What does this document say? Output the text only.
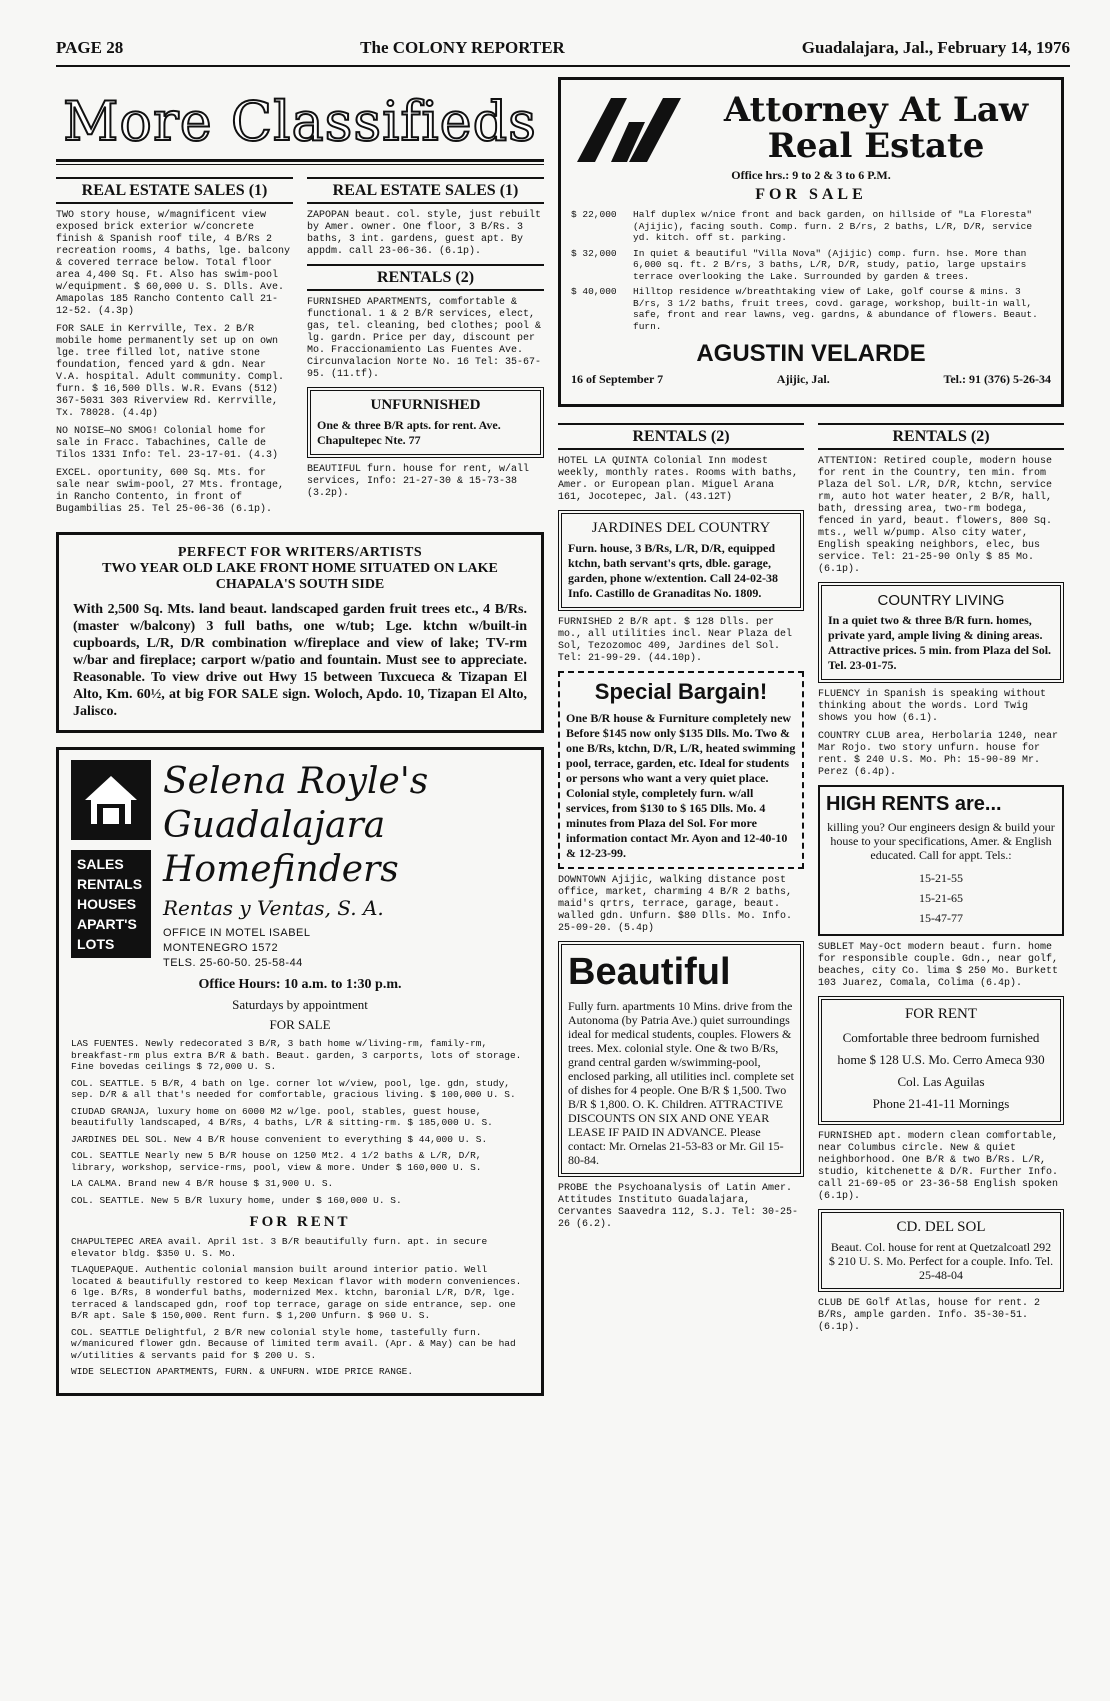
PAGE 28	The COLONY REPORTER	Guadalajara, Jal., February 14, 1976
More Classifieds
REAL ESTATE SALES (1)

TWO story house, w/magnificent view exposed brick exterior w/concrete finish & Spanish roof tile, 4 B/Rs 2 recreation rooms, 4 baths, lge. balcony & covered terrace below. Total floor area 4,400 Sq. Ft. Also has swim-pool w/equipment. $ 60,000 U. S. Dlls. Ave. Amapolas 185 Rancho Contento Call 21-12-52. (4.3p)

FOR SALE in Kerrville, Tex. 2 B/R mobile home permanently set up on own lge. tree filled lot, native stone foundation, fenced yard & gdn. Near V.A. hospital. Adult community. Compl. furn. $ 16,500 Dlls. W.R. Evans (512) 367-5031 303 Riverview Rd. Kerrville, Tx. 78028. (4.4p)

NO NOISE—NO SMOG! Colonial home for sale in Fracc. Tabachines, Calle de Tilos 1331 Info: Tel. 23-17-01. (4.3)

EXCEL. oportunity, 600 Sq. Mts. for sale near swim-pool, 27 Mts. frontage, in Rancho Contento, in front of Bugambilias 25. Tel 25-06-36 (6.1p).

REAL ESTATE SALES (1)

ZAPOPAN beaut. col. style, just rebuilt by Amer. owner. One floor, 3 B/Rs. 3 baths, 3 int. gardens, guest apt. By appdm. call 23-06-36. (6.1p).

RENTALS (2)

FURNISHED APARTMENTS, comfortable & functional. 1 & 2 B/R services, elect, gas, tel. cleaning, bed clothes; pool & lg. gardn. Price per day, discount per Mo. Fraccionamiento Las Fuentes Ave. Circunvalacion Norte No. 16 Tel: 35-67-95. (11.tf).

UNFURNISHED
One & three B/R apts. for rent. Ave. Chapultepec Nte. 77

BEAUTIFUL furn. house for rent, w/all services, Info: 21-27-30 & 15-73-38 (3.2p).

PERFECT FOR WRITERS/ARTISTS
TWO YEAR OLD LAKE FRONT HOME SITUATED ON LAKE CHAPALA'S SOUTH SIDE
With 2,500 Sq. Mts. land beaut. landscaped garden fruit trees etc., 4 B/Rs. (master w/balcony) 3 full baths, one w/tub; Lge. ktchn w/built-in cupboards, L/R, D/R combination w/fireplace and view of lake; TV-rm w/bar and fireplace; carport w/patio and fountain. Must see to appreciate. Reasonable. To view drive out Hwy 15 between Tuxcueca & Tizapan El Alto, Km. 60½, at big FOR SALE sign. Woloch, Apdo. 10, Tizapan El Alto, Jalisco.
SALES
RENTALS
HOUSES
APART'S
LOTS
Selena Royle's
Guadalajara Homefinders
Rentas y Ventas, S. A.
OFFICE IN MOTEL ISABEL
MONTENEGRO 1572
TELS. 25-60-50. 25-58-44
Office Hours: 10 a.m. to 1:30 p.m.
Saturdays by appointment
FOR SALE

LAS FUENTES. Newly redecorated 3 B/R, 3 bath home w/living-rm, family-rm, breakfast-rm plus extra B/R & bath. Beaut. garden, 3 carports, lots of storage. Fine bovedas ceilings $ 72,000 U. S.

COL. SEATTLE. 5 B/R, 4 bath on lge. corner lot w/view, pool, lge. gdn, study, sep. D/R & all that's needed for comfortable, gracious living. $ 100,000 U. S.

CIUDAD GRANJA, luxury home on 6000 M2 w/lge. pool, stables, guest house, beautifully landscaped, 4 B/Rs, 4 baths, L/R & sitting-rm. $ 185,000 U. S.

JARDINES DEL SOL. New 4 B/R house convenient to everything $ 44,000 U. S.

COL. SEATTLE Nearly new 5 B/R house on 1250 Mt2. 4 1/2 baths & L/R, D/R, library, workshop, service-rms, pool, view & more. Under $ 160,000 U. S.

LA CALMA. Brand new 4 B/R house $ 31,900 U. S.

COL. SEATTLE. New 5 B/R luxury home, under $ 160,000 U. S.

FOR RENT

CHAPULTEPEC AREA avail. April 1st. 3 B/R beautifully furn. apt. in secure elevator bldg. $350 U. S. Mo.

TLAQUEPAQUE. Authentic colonial mansion built around interior patio. Well located & beautifully restored to keep Mexican flavor with modern conveniences. 6 lge. B/Rs, 8 wonderful baths, modernized Mex. ktchn, baronial L/R, D/R, lge. terraced & landscaped gdn, roof top terrace, garage on side entrance, sep. one B/R apt. Sale $ 150,000. Rent furn. $ 1,200 Unfurn. $ 960 U. S.

COL. SEATTLE Delightful, 2 B/R new colonial style home, tastefully furn. w/manicured flower gdn. Because of limited term avail. (Apr. & May) can be had w/utilities & servants paid for $ 200 U. S.

WIDE SELECTION APARTMENTS, FURN. & UNFURN. WIDE PRICE RANGE.

Attorney At Law
Real Estate
Office hrs.: 9 to 2 & 3 to 6 P.M.
FOR SALE
$ 22,000	Half duplex w/nice front and back garden, on hillside of "La Floresta" (Ajijic), facing south. Comp. furn. 2 B/rs, 2 baths, L/R, D/R, service yd. kitch. off st. parking.
$ 32,000	In quiet & beautiful "Villa Nova" (Ajijic) comp. furn. hse. More than 6,000 sq. ft. 2 B/rs, 3 baths, L/R, D/R, study, patio, large upstairs terrace overlooking the Lake. Surrounded by garden & trees.
$ 40,000	Hilltop residence w/breathtaking view of Lake, golf course & mins. 3 B/rs, 3 1/2 baths, fruit trees, covd. garage, workshop, built-in wall, safe, front and rear lawns, veg. gardns, & abundance of flowers. Beaut. furn.
AGUSTIN VELARDE
16 of September 7	Ajijic, Jal.	Tel.: 91 (376) 5-26-34
RENTALS (2)

HOTEL LA QUINTA Colonial Inn modest weekly, monthly rates. Rooms with baths, Amer. or European plan. Miguel Arana 161, Jocotepec, Jal. (43.12T)

JARDINES DEL COUNTRY
Furn. house, 3 B/Rs, L/R, D/R, equipped ktchn, bath servant's qrts, dble. garage, garden, phone w/extention. Call 24-02-38 Info. Castillo de Granaditas No. 1809.

FURNISHED 2 B/R apt. $ 128 Dlls. per mo., all utilities incl. Near Plaza del Sol, Tezozomoc 409, Jardines del Sol. Tel: 21-99-29. (44.10p).

Special Bargain!
One B/R house & Furniture completely new Before $145 now only $135 Dlls. Mo. Two & one B/Rs, ktchn, D/R, L/R, heated swimming pool, terrace, garden, etc. Ideal for students or persons who want a very quiet place. Colonial style, completely furn. w/all services, from $130 to $ 165 Dlls. Mo. 4 minutes from Plaza del Sol. For more information contact Mr. Ayon and 12-40-10 & 12-23-99.

DOWNTOWN Ajijic, walking distance post office, market, charming 4 B/R 2 baths, maid's qrtrs, terrace, garage, beaut. walled gdn. Unfurn. $80 Dlls. Mo. Info. 25-09-20. (5.4p)

Beautiful
Fully furn. apartments 10 Mins. drive from the Autonoma (by Patria Ave.) quiet surroundings ideal for medical students, couples. Flowers & trees. Mex. colonial style. One & two B/Rs, grand central garden w/swimming-pool, enclosed parking, all utilities incl. complete set of dishes for 4 people. One B/R $ 1,500. Two B/R $ 1,800. O. K. Children. ATTRACTIVE DISCOUNTS ON SIX AND ONE YEAR LEASE IF PAID IN ADVANCE. Please contact: Mr. Ornelas 21-53-83 or Mr. Gil 15-80-84.

PROBE the Psychoanalysis of Latin Amer. Attitudes Instituto Guadalajara, Cervantes Saavedra 112, S.J. Tel: 30-25-26 (6.2).

RENTALS (2)

ATTENTION: Retired couple, modern house for rent in the Country, ten min. from Plaza del Sol. L/R, D/R, ktchn, service rm, auto hot water heater, 2 B/R, hall, bath, dressing area, two-rm bodega, fenced in yard, beaut. flowers, 800 Sq. mts., well w/pump. Also city water, English speaking neighbors, elec, bus service. Tel: 21-25-90 Only $ 85 Mo. (6.1p).

COUNTRY LIVING
In a quiet two & three B/R furn. homes, private yard, ample living & dining areas. Attractive prices. 5 min. from Plaza del Sol. Tel. 23-01-75.

FLUENCY in Spanish is speaking without thinking about the words. Lord Twig shows you how (6.1).

COUNTRY CLUB area, Herbolaria 1240, near Mar Rojo. two story unfurn. house for rent. $ 240 U.S. Mo. Ph: 15-90-89 Mr. Perez (6.4p).

HIGH RENTS are...
killing you? Our engineers design & build your house to your specifications, Amer. & English educated. Call for appt. Tels.:
15-21-55
15-21-65
15-47-77

SUBLET May-Oct modern beaut. furn. home for responsible couple. Gdn., near golf, beaches, city Co. lima $ 250 Mo. Burkett 103 Juarez, Comala, Colima (6.4p).

FOR RENT
Comfortable three bedroom furnished home $ 128 U.S. Mo. Cerro Ameca 930 Col. Las Aguilas
Phone 21-41-11 Mornings

FURNISHED apt. modern clean comfortable, near Columbus circle. New & quiet neighborhood. One B/R & two B/Rs. L/R, studio, kitchenette & D/R. Further Info. call 21-69-05 or 23-36-58 English spoken (6.1p).

CD. DEL SOL
Beaut. Col. house for rent at Quetzalcoatl 292 $ 210 U. S. Mo. Perfect for a couple. Info. Tel. 25-48-04

CLUB DE Golf Atlas, house for rent. 2 B/Rs, ample garden. Info. 35-30-51. (6.1p).
